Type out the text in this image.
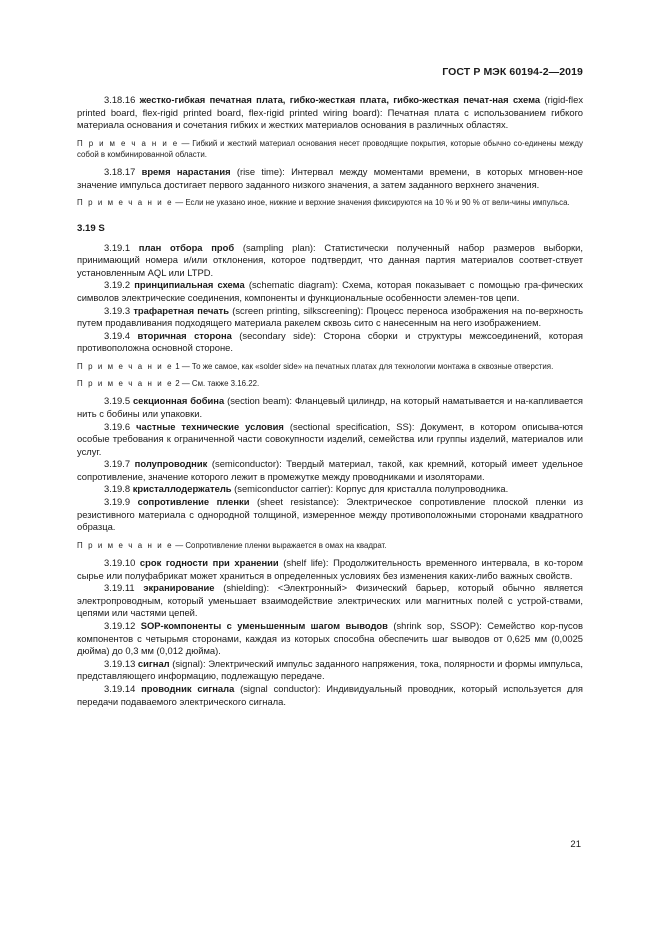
ГОСТ Р МЭК 60194-2—2019

3.18.16 жестко-гибкая печатная плата, гибко-жесткая плата, гибко-жесткая печат-ная схема (rigid-flex printed board, flex-rigid printed board, flex-rigid printed wiring board): Печатная плата с использованием гибкого материала основания и сочетания гибких и жестких материалов основания в различных областях.

П р и м е ч а н и е — Гибкий и жесткий материал основания несет проводящие покрытия, которые обычно со-единены между собой в комбинированной области.

3.18.17 время нарастания (rise time): Интервал между моментами времени, в которых мгновен-ное значение импульса достигает первого заданного низкого значения, а затем заданного верхнего значения.

П р и м е ч а н и е — Если не указано иное, нижние и верхние значения фиксируются на 10 % и 90 % от вели-чины импульса.

3.19 S

3.19.1 план отбора проб (sampling plan): Статистически полученный набор размеров выборки, принимающий номера и/или отклонения, которое подтвердит, что данная партия материалов соответ-ствует установленным AQL или LTPD.

3.19.2 принципиальная схема (schematic diagram): Схема, которая показывает с помощью гра-фических символов электрические соединения, компоненты и функциональные особенности элемен-тов цепи.

3.19.3 трафаретная печать (screen printing, silkscreening): Процесс переноса изображения на по-верхность путем продавливания подходящего материала ракелем сквозь сито с нанесенным на него изображением.

3.19.4 вторичная сторона (secondary side): Сторона сборки и структуры межсоединений, которая противоположна основной стороне.

П р и м е ч а н и е 1 — То же самое, как «solder side» на печатных платах для технологии монтажа в сквозные отверстия.

П р и м е ч а н и е 2 — См. также 3.16.22.

3.19.5 секционная бобина (section beam): Фланцевый цилиндр, на который наматывается и на-капливается нить с бобины или упаковки.

3.19.6 частные технические условия (sectional specification, SS): Документ, в котором описыва-ются особые требования к ограниченной части совокупности изделий, семейства или группы изделий, материалов или услуг.

3.19.7 полупроводник (semiconductor): Твердый материал, такой, как кремний, который имеет удельное сопротивление, значение которого лежит в промежутке между проводниками и изоляторами.

3.19.8 кристаллодержатель (semiconductor carrier): Корпус для кристалла полупроводника.

3.19.9 сопротивление пленки (sheet resistance): Электрическое сопротивление плоской пленки из резистивного материала с однородной толщиной, измеренное между противоположными сторонами квадратного образца.

П р и м е ч а н и е — Сопротивление пленки выражается в омах на квадрат.

3.19.10 срок годности при хранении (shelf life): Продолжительность временного интервала, в ко-тором сырье или полуфабрикат может храниться в определенных условиях без изменения каких-либо важных свойств.

3.19.11 экранирование (shielding): <Электронный> Физический барьер, который обычно является электропроводным, который уменьшает взаимодействие электрических или магнитных полей с устрой-ствами, цепями или частями цепей.

3.19.12 SOP-компоненты с уменьшенным шагом выводов (shrink sop, SSOP): Семейство кор-пусов компонентов с четырьмя сторонами, каждая из которых способна обеспечить шаг выводов от 0,625 мм (0,0025 дюйма) до 0,3 мм (0,012 дюйма).

3.19.13 сигнал (signal): Электрический импульс заданного напряжения, тока, полярности и формы импульса, представляющего информацию, подлежащую передаче.

3.19.14 проводник сигнала (signal conductor): Индивидуальный проводник, который используется для передачи подаваемого электрического сигнала.

21
